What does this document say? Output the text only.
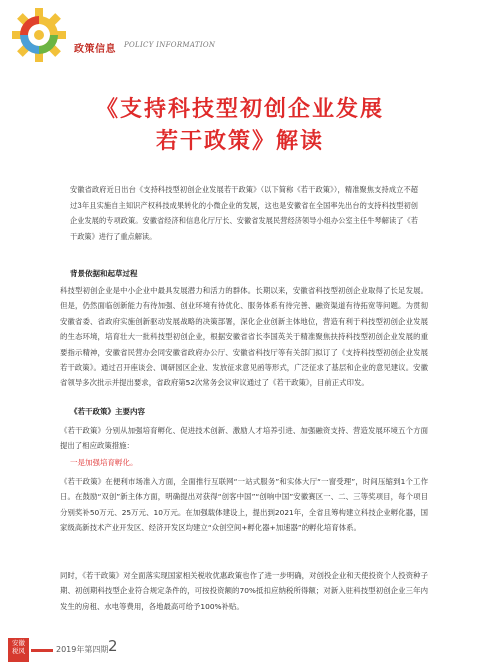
政策信息 POLICY INFORMATION
《支持科技型初创企业发展
若干政策》解读
安徽省政府近日出台《支持科技型初创企业发展若干政策》（以下简称《若干政策》），精准聚焦支持成立不超过3年且实施自主知识产权科技成果转化的小微企业的发展，这也是安徽省在全国率先出台的支持科技型初创企业发展的专项政策。安徽省经济和信息化厅厅长、安徽省发展民营经济领导小组办公室主任牛琴解读了《若干政策》进行了重点解读。
背景依据和起草过程
科技型初创企业是中小企业中最具发展潜力和活力的群体。长期以来，安徽省科技型初创企业取得了长足发展。但是，仍然面临创新能力有待加强、创业环境有待优化、服务体系有待完善、融资渠道有待拓宽等问题。为贯彻安徽省委、省政府实施创新驱动发展战略的决策部署，深化企业创新主体地位，营造有利于科技型初创企业发展的生态环境，培育壮大一批科技型初创企业，根据安徽省省长李国英关于精准聚焦扶持科技型初创企业发展的重要指示精神，安徽省民营办会同安徽省政府办公厅、安徽省科技厅等有关部门拟订了《支持科技型初创企业发展若干政策》。通过召开座谈会、调研园区企业、发放征求意见函等形式，广泛征求了基层和企业的意见建议。安徽省领导多次批示并提出要求，省政府第52次常务会议审议通过了《若干政策》，目前正式印发。
《若干政策》主要内容
《若干政策》分别从加强培育孵化、促进技术创新、激励人才培养引进、加强融资支持、营造发展环境五个方面提出了相应政策措施：
一是加强培育孵化。
《若干政策》在便利市场准入方面，全面推行互联网“一站式服务”和实体大厅“一窗受理”，时间压缩到1个工作日。在鼓励“双创”新主体方面，明确提出对获得“创客中国”“创响中国”安徽赛区一、二、三等奖项目，每个项目分别奖补50万元、25万元、10万元。在加强载体建设上，提出到2021年，全省且筹构建立科技企业孵化器，国家级高新技术产业开发区、经济开发区均建立“众创空间+孵化器+加速器”的孵化培育体系。
同时，《若干政策》对全面落实现国家相关税收优惠政策也作了进一步明确，对创投企业和天使投资个人投资种子期、初创期科技型企业符合规定条件的，可按投资额的70%抵扣应纳税所得额；对新入驻科技型初创企业三年内发生的房租、水电等费用，各地最高可给予100%补贴。
安徽 税风	2019年第四期 2
